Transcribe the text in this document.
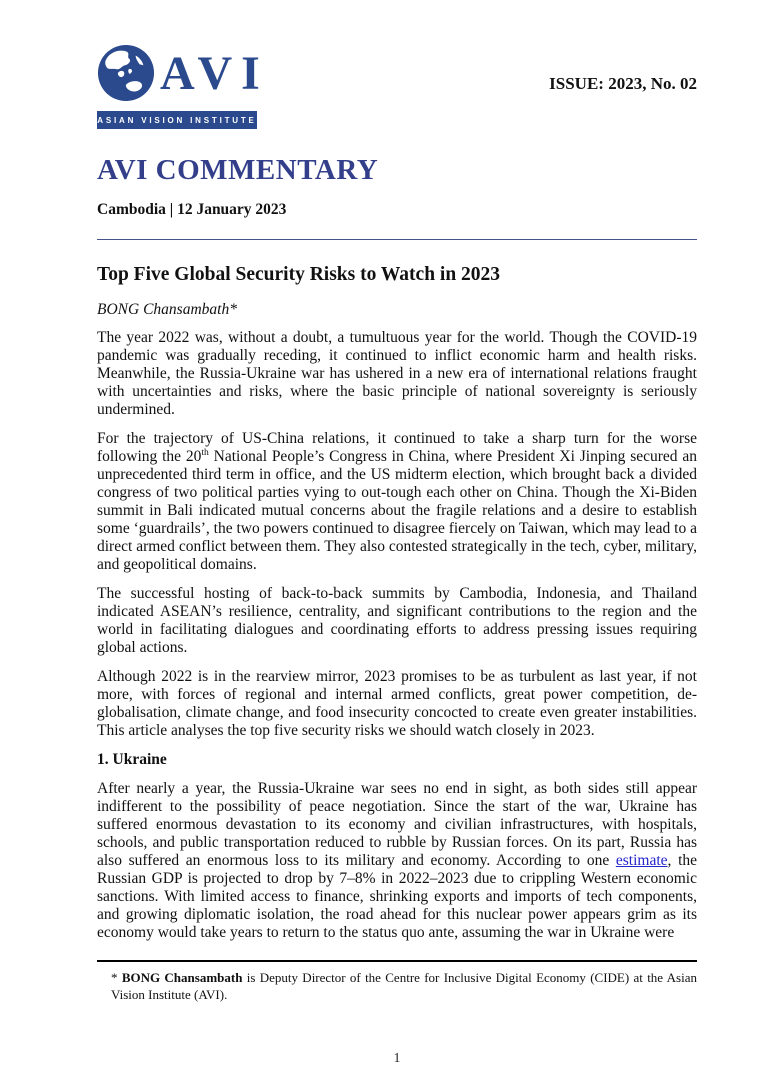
AVI
ASIAN VISION INSTITUTE
ISSUE: 2023, No. 02
AVI COMMENTARY
Cambodia | 12 January 2023
Top Five Global Security Risks to Watch in 2023
BONG Chansambath*

The year 2022 was, without a doubt, a tumultuous year for the world. Though the COVID-19 pandemic was gradually receding, it continued to inflict economic harm and health risks. Meanwhile, the Russia-Ukraine war has ushered in a new era of international relations fraught with uncertainties and risks, where the basic principle of national sovereignty is seriously undermined.

For the trajectory of US-China relations, it continued to take a sharp turn for the worse following the 20th National People’s Congress in China, where President Xi Jinping secured an unprecedented third term in office, and the US midterm election, which brought back a divided congress of two political parties vying to out-tough each other on China. Though the Xi-Biden summit in Bali indicated mutual concerns about the fragile relations and a desire to establish some ‘guardrails’, the two powers continued to disagree fiercely on Taiwan, which may lead to a direct armed conflict between them. They also contested strategically in the tech, cyber, military, and geopolitical domains.

The successful hosting of back-to-back summits by Cambodia, Indonesia, and Thailand indicated ASEAN’s resilience, centrality, and significant contributions to the region and the world in facilitating dialogues and coordinating efforts to address pressing issues requiring global actions.

Although 2022 is in the rearview mirror, 2023 promises to be as turbulent as last year, if not more, with forces of regional and internal armed conflicts, great power competition, de-globalisation, climate change, and food insecurity concocted to create even greater instabilities. This article analyses the top five security risks we should watch closely in 2023.

1. Ukraine

After nearly a year, the Russia-Ukraine war sees no end in sight, as both sides still appear indifferent to the possibility of peace negotiation. Since the start of the war, Ukraine has suffered enormous devastation to its economy and civilian infrastructures, with hospitals, schools, and public transportation reduced to rubble by Russian forces. On its part, Russia has also suffered an enormous loss to its military and economy. According to one estimate, the Russian GDP is projected to drop by 7–8% in 2022–2023 due to crippling Western economic sanctions. With limited access to finance, shrinking exports and imports of tech components, and growing diplomatic isolation, the road ahead for this nuclear power appears grim as its economy would take years to return to the status quo ante, assuming the war in Ukraine were

* BONG Chansambath is Deputy Director of the Centre for Inclusive Digital Economy (CIDE) at the Asian Vision Institute (AVI).
1
